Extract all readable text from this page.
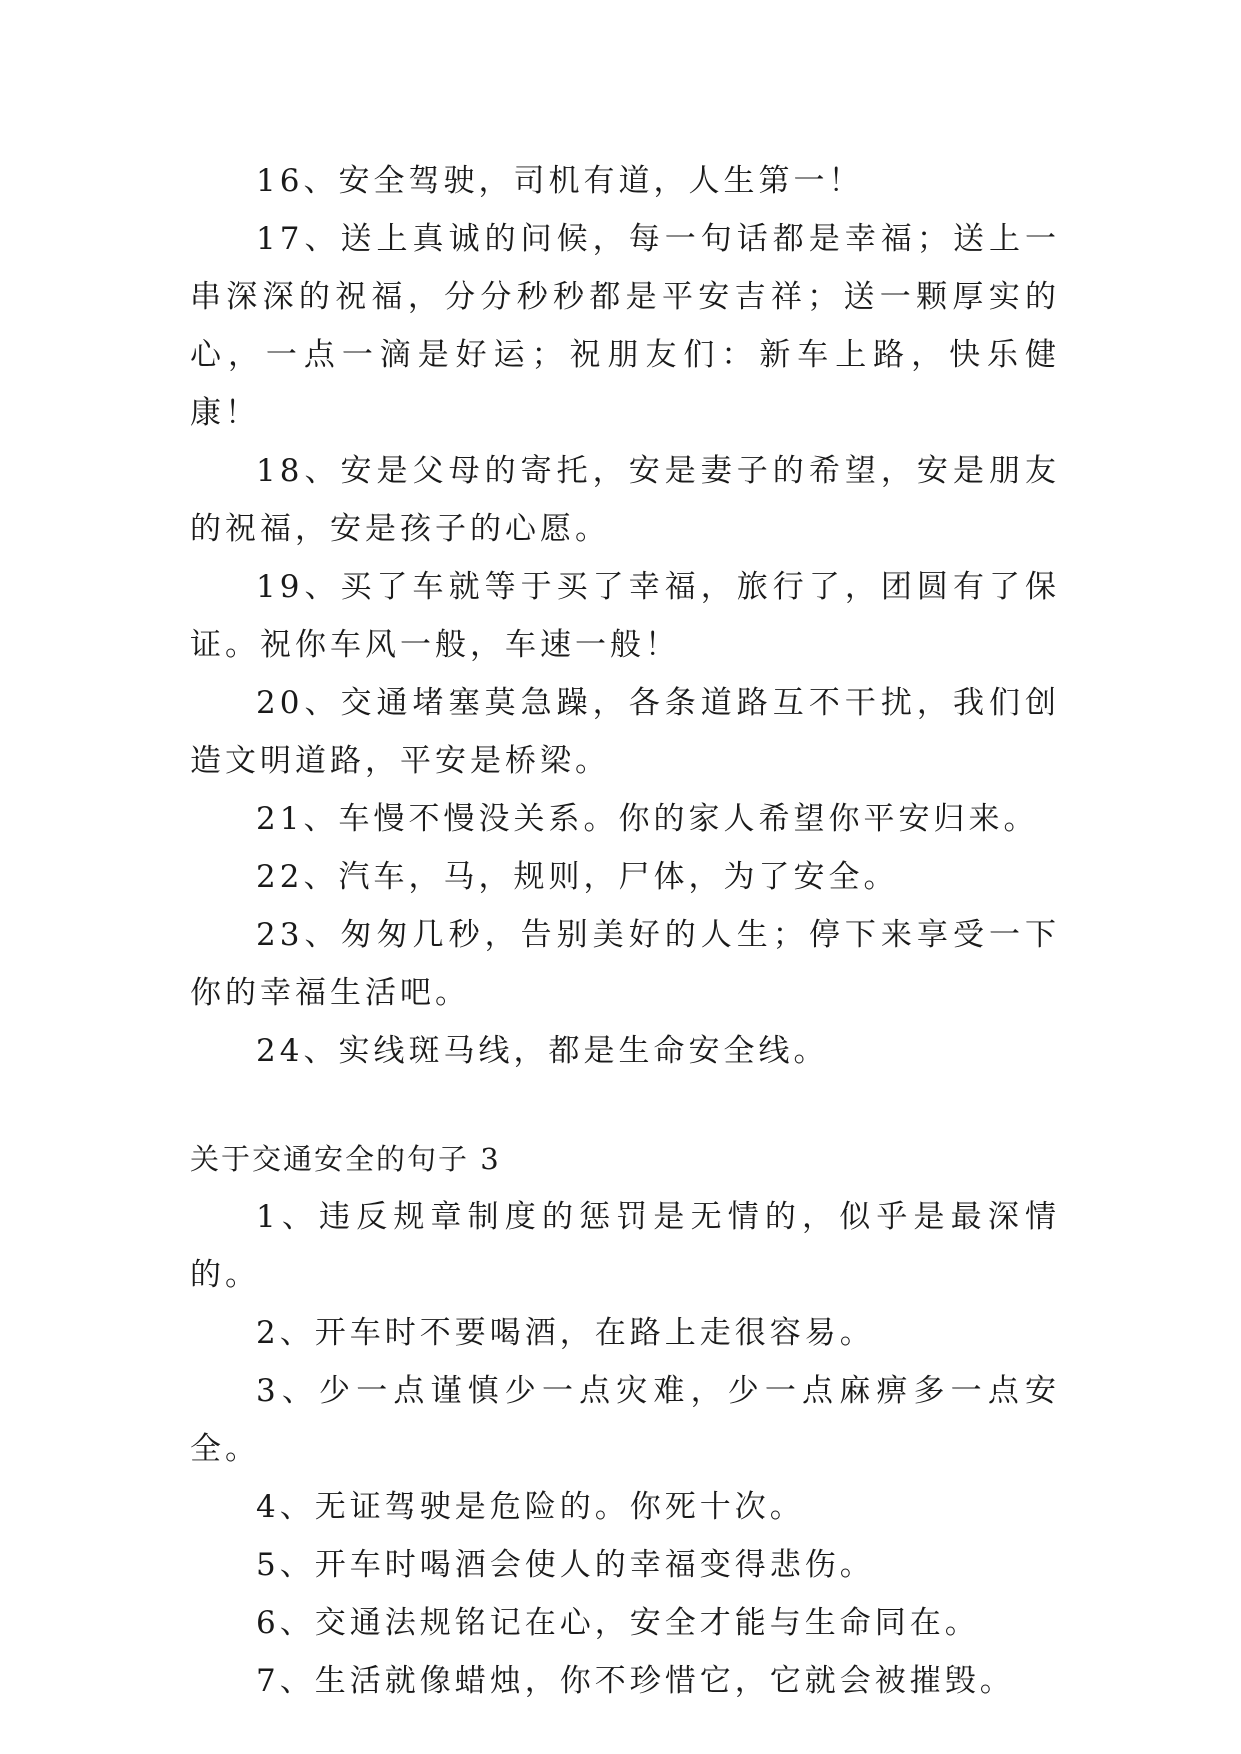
16、安全驾驶，司机有道，人生第一！

17、送上真诚的问候，每一句话都是幸福；送上一串深深的祝福，分分秒秒都是平安吉祥；送一颗厚实的心，一点一滴是好运；祝朋友们：新车上路，快乐健康！

18、安是父母的寄托，安是妻子的希望，安是朋友的祝福，安是孩子的心愿。

19、买了车就等于买了幸福，旅行了，团圆有了保证。祝你车风一般，车速一般！

20、交通堵塞莫急躁，各条道路互不干扰，我们创造文明道路，平安是桥梁。

21、车慢不慢没关系。你的家人希望你平安归来。

22、汽车，马，规则，尸体，为了安全。

23、匆匆几秒，告别美好的人生；停下来享受一下你的幸福生活吧。

24、实线斑马线，都是生命安全线。

关于交通安全的句子 3

1、违反规章制度的惩罚是无情的，似乎是最深情的。

2、开车时不要喝酒，在路上走很容易。

3、少一点谨慎少一点灾难，少一点麻痹多一点安全。

4、无证驾驶是危险的。你死十次。

5、开车时喝酒会使人的幸福变得悲伤。

6、交通法规铭记在心，安全才能与生命同在。

7、生活就像蜡烛，你不珍惜它，它就会被摧毁。
